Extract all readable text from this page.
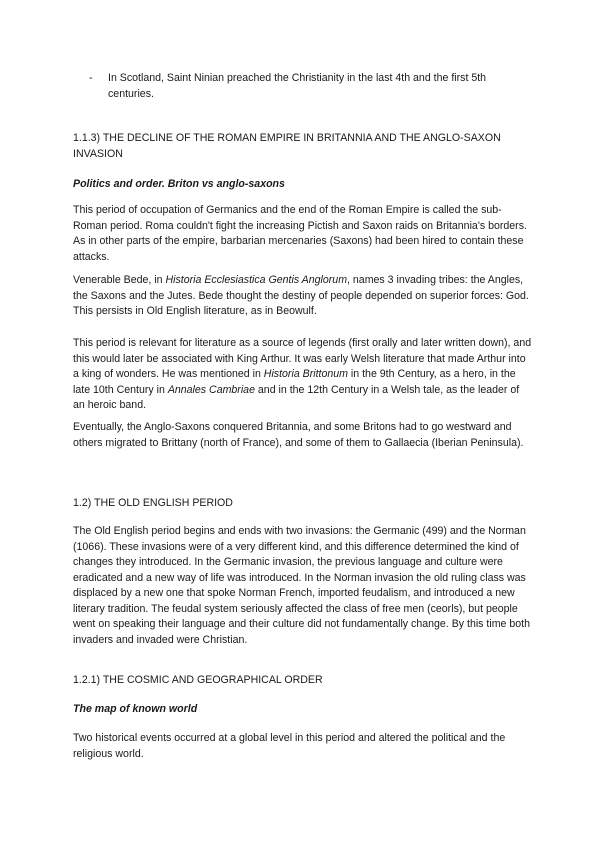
- In Scotland, Saint Ninian preached the Christianity in the last 4th and the first 5th centuries.
1.1.3) THE DECLINE OF THE ROMAN EMPIRE IN BRITANNIA AND THE ANGLO-SAXON INVASION
Politics and order. Briton vs anglo-saxons
This period of occupation of Germanics and the end of the Roman Empire is called the sub-Roman period. Roma couldn't fight the increasing Pictish and Saxon raids on Britannia's borders. As in other parts of the empire, barbarian mercenaries (Saxons) had been hired to contain these attacks.
Venerable Bede, in Historia Ecclesiastica Gentis Anglorum, names 3 invading tribes: the Angles, the Saxons and the Jutes. Bede thought the destiny of people depended on superior forces: God. This persists in Old English literature, as in Beowulf.
This period is relevant for literature as a source of legends (first orally and later written down), and this would later be associated with King Arthur. It was early Welsh literature that made Arthur into a king of wonders. He was mentioned in Historia Brittonum in the 9th Century, as a hero, in the late 10th Century in Annales Cambriae and in the 12th Century in a Welsh tale, as the leader of an heroic band.
Eventually, the Anglo-Saxons conquered Britannia, and some Britons had to go westward and others migrated to Brittany (north of France), and some of them to Gallaecia (Iberian Peninsula).
1.2) THE OLD ENGLISH PERIOD
The Old English period begins and ends with two invasions: the Germanic (499) and the Norman (1066). These invasions were of a very different kind, and this difference determined the kind of changes they introduced. In the Germanic invasion, the previous language and culture were eradicated and a new way of life was introduced. In the Norman invasion the old ruling class was displaced by a new one that spoke Norman French, imported feudalism, and introduced a new literary tradition. The feudal system seriously affected the class of free men (ceorls), but people went on speaking their language and their culture did not fundamentally change. By this time both invaders and invaded were Christian.
1.2.1) THE COSMIC AND GEOGRAPHICAL ORDER
The map of known world
Two historical events occurred at a global level in this period and altered the political and the religious world.
